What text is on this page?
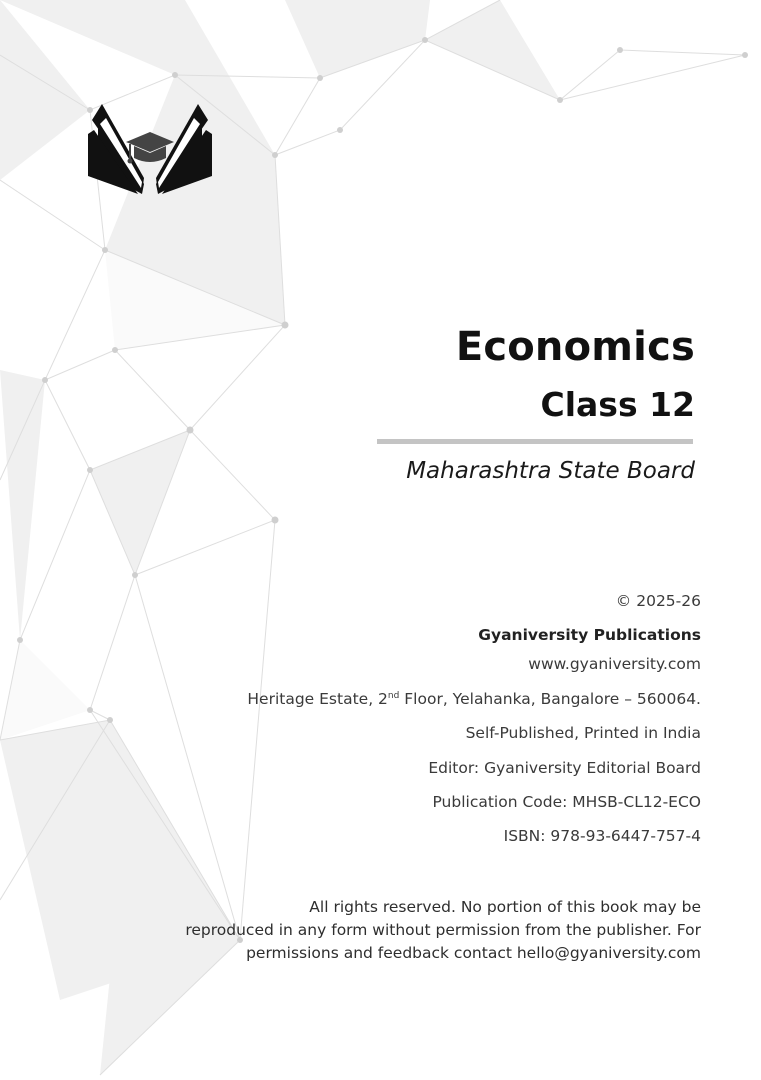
Economics
Class 12

Maharashtra State Board

© 2025-26

Gyaniversity Publications

www.gyaniversity.com

Heritage Estate, 2nd Floor, Yelahanka, Bangalore – 560064.

Self-Published, Printed in India

Editor: Gyaniversity Editorial Board

Publication Code: MHSB-CL12-ECO

ISBN: 978-93-6447-757-4

All rights reserved. No portion of this book may be
reproduced in any form without permission from the publisher. For
permissions and feedback contact hello@gyaniversity.com
